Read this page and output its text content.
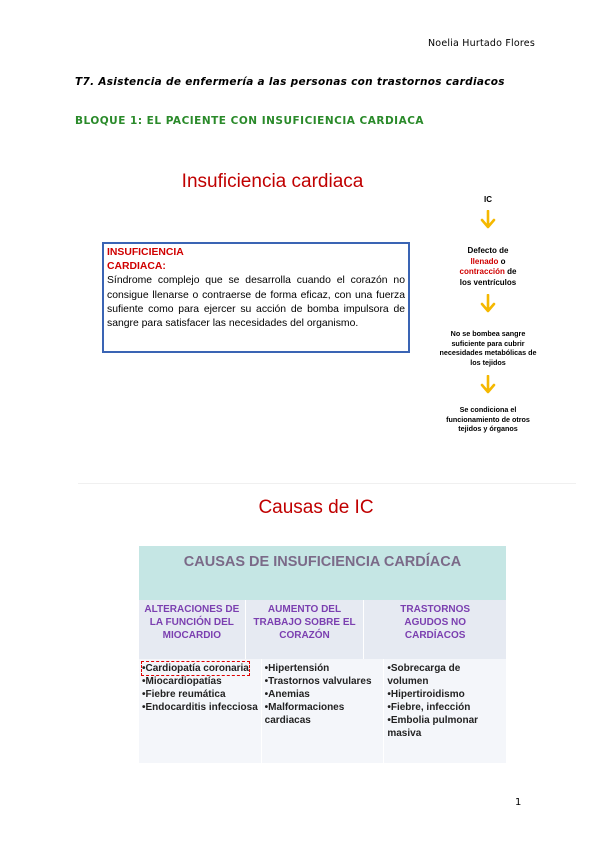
Noelia Hurtado Flores
T7. Asistencia de enfermería a las personas con trastornos cardiacos
BLOQUE 1: EL PACIENTE CON INSUFICIENCIA CARDIACA
Insuficiencia cardiaca
INSUFICIENCIA CARDIACA:
Síndrome complejo que se desarrolla cuando el corazón no consigue llenarse o contraerse de forma eficaz, con una fuerza sufiente como para ejercer su acción de bomba impulsora de sangre para satisfacer las necesidades del organismo.
IC
Defecto de
llenado o
contracción de
los ventrículos
No se bombea sangre suficiente para cubrir necesidades metabólicas de los tejidos
Se condiciona el funcionamiento de otros tejidos y órganos
Causas de IC
CAUSAS DE INSUFICIENCIA CARDÍACA
ALTERACIONES DE LA FUNCIÓN DEL MIOCARDIO
AUMENTO DEL TRABAJO SOBRE EL CORAZÓN
TRASTORNOS AGUDOS NO CARDÍACOS
•Cardiopatía coronaria
•Miocardiopatías
•Fiebre reumática
•Endocarditis infecciosa
•Hipertensión
•Trastornos valvulares
•Anemias
•Malformaciones cardiacas
•Sobrecarga de volumen
•Hipertiroidismo
•Fiebre, infección
•Embolia pulmonar masiva
1
